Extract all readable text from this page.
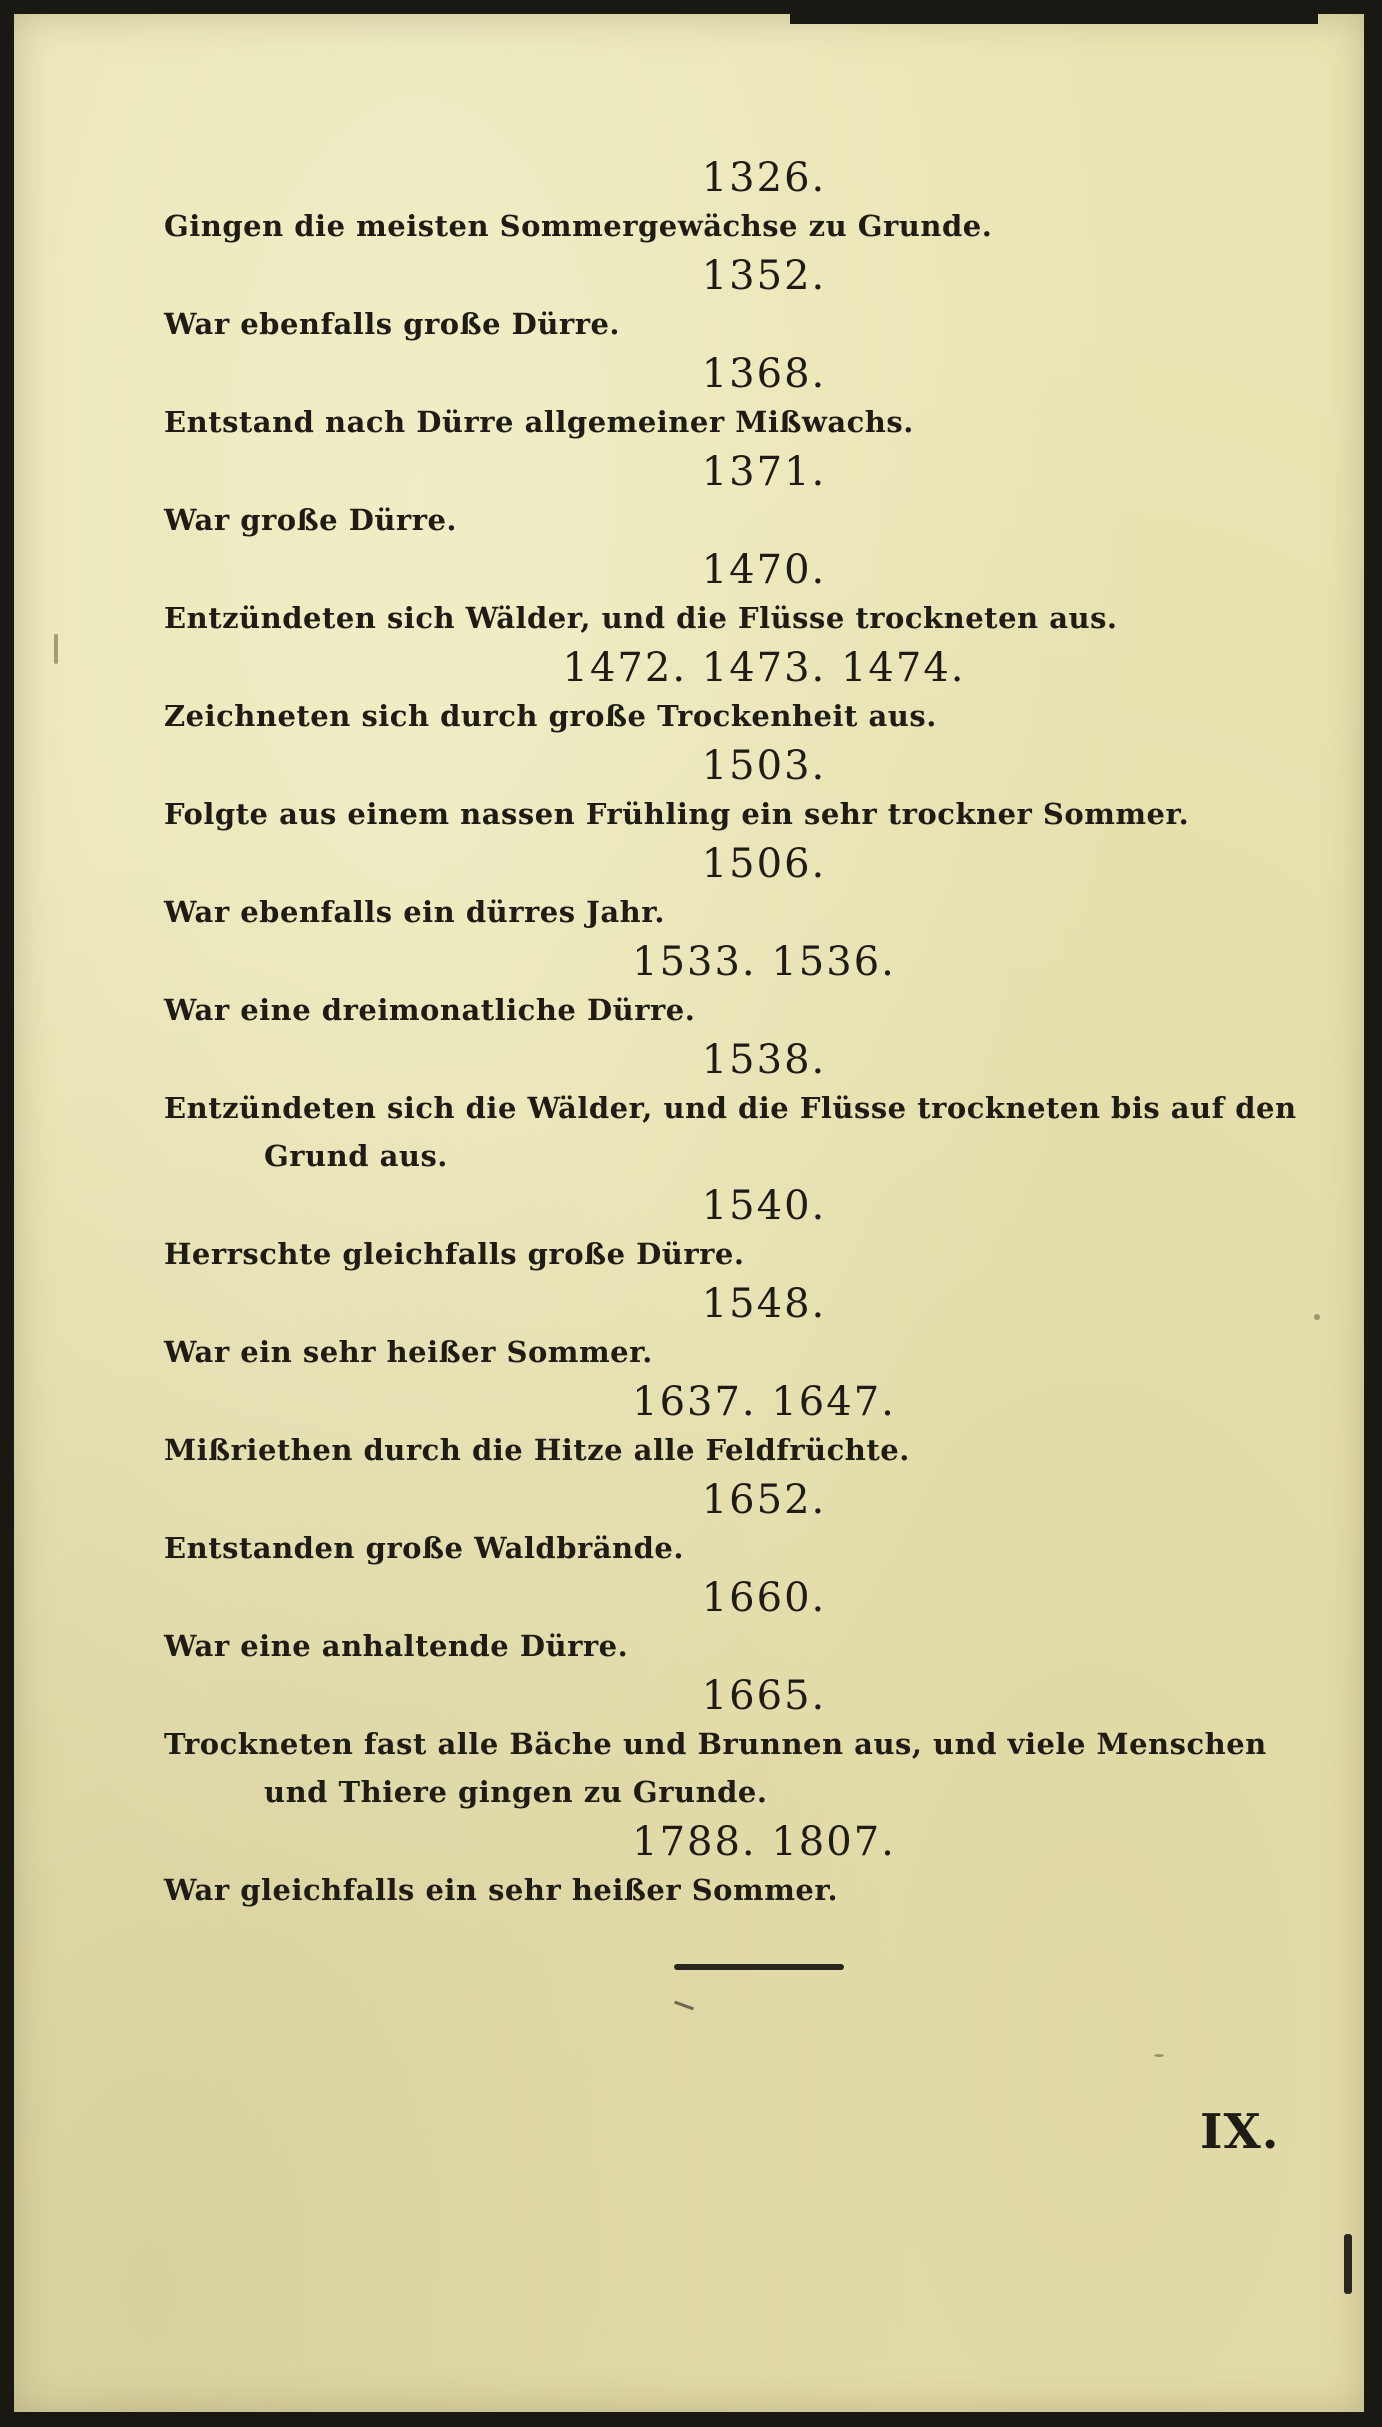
1326.

Gingen die meisten Sommergewächse zu Grunde.

1352.

War ebenfalls große Dürre.

1368.

Entstand nach Dürre allgemeiner Mißwachs.

1371.

War große Dürre.

1470.

Entzündeten sich Wälder, und die Flüsse trockneten aus.

1472. 1473. 1474.

Zeichneten sich durch große Trockenheit aus.

1503.

Folgte aus einem nassen Frühling ein sehr trockner Sommer.

1506.

War ebenfalls ein dürres Jahr.

1533. 1536.

War eine dreimonatliche Dürre.

1538.

Entzündeten sich die Wälder, und die Flüsse trockneten bis auf den Grund aus.

1540.

Herrschte gleichfalls große Dürre.

1548.

War ein sehr heißer Sommer.

1637. 1647.

Mißriethen durch die Hitze alle Feldfrüchte.

1652.

Entstanden große Waldbrände.

1660.

War eine anhaltende Dürre.

1665.

Trockneten fast alle Bäche und Brunnen aus, und viele Menschen und Thiere gingen zu Grunde.

1788. 1807.

War gleichfalls ein sehr heißer Sommer.

IX.
